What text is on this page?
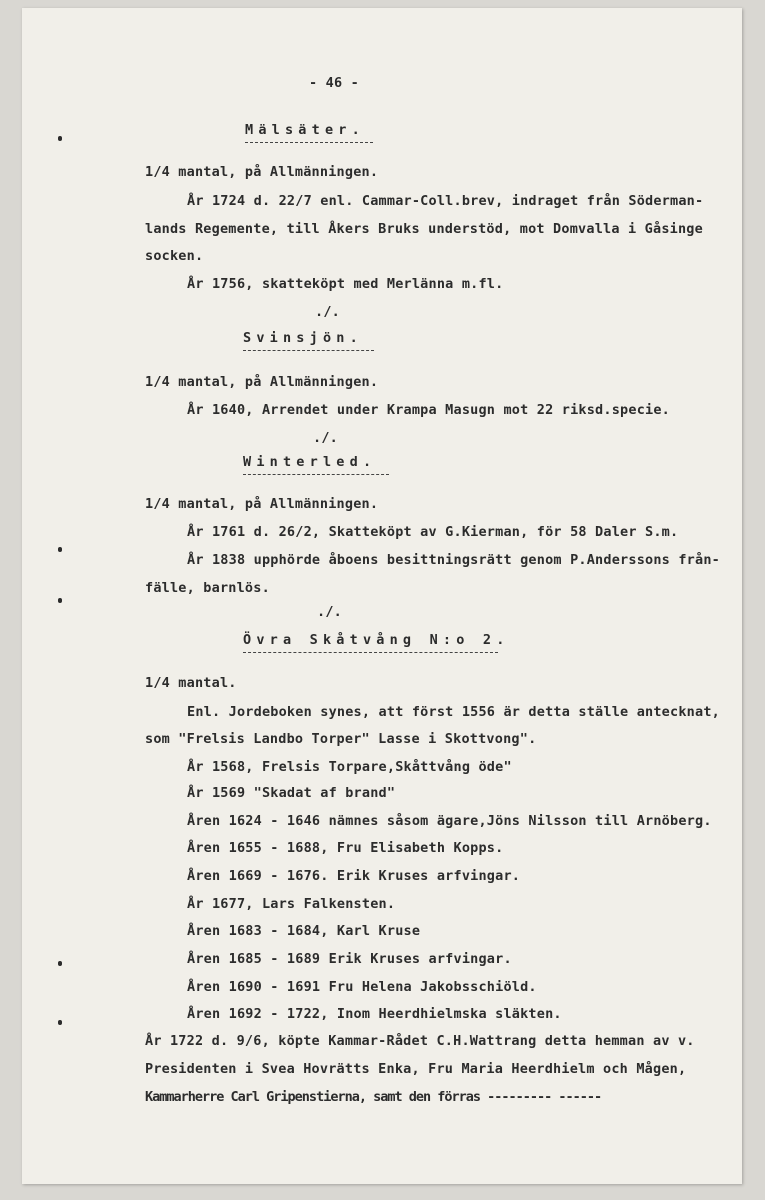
- 46 -
Mälsäter.
1/4 mantal, på Allmänningen.
År 1724 d. 22/7 enl. Cammar-Coll.brev, indraget från Söderman-
lands Regemente, till Åkers Bruks understöd, mot Domvalla i Gåsinge
socken.
År 1756, skatteköpt med Merlänna m.fl.
./.
Svinsjön.
1/4 mantal, på Allmänningen.
År 1640, Arrendet under Krampa Masugn mot 22 riksd.specie.
./.
Winterled.
1/4 mantal, på Allmänningen.
År 1761 d. 26/2, Skatteköpt av G.Kierman, för 58 Daler S.m.
År 1838 upphörde åboens besittningsrätt genom P.Anderssons från-
fälle, barnlös.
./.
Övra Skåtvång N:o 2.
1/4 mantal.
Enl. Jordeboken synes, att först 1556 är detta ställe antecknat,
som "Frelsis Landbo Torper" Lasse i Skottvong".
År 1568, Frelsis Torpare,Skåttvång öde"
År 1569 "Skadat af brand"
Åren 1624 - 1646 nämnes såsom ägare,Jöns Nilsson till Arnöberg.
Åren 1655 - 1688, Fru Elisabeth Kopps.
Åren 1669 - 1676. Erik Kruses arfvingar.
År 1677, Lars Falkensten.
Åren 1683 - 1684, Karl Kruse
Åren 1685 - 1689 Erik Kruses arfvingar.
Åren 1690 - 1691 Fru Helena Jakobsschiöld.
Åren 1692 - 1722, Inom Heerdhielmska släkten.
År 1722 d. 9/6, köpte Kammar-Rådet C.H.Wattrang detta hemman av v.
Presidenten i Svea Hovrätts Enka, Fru Maria Heerdhielm och Mågen,
Kammarherre Carl Gripenstierna, samt den förras --------- ------
